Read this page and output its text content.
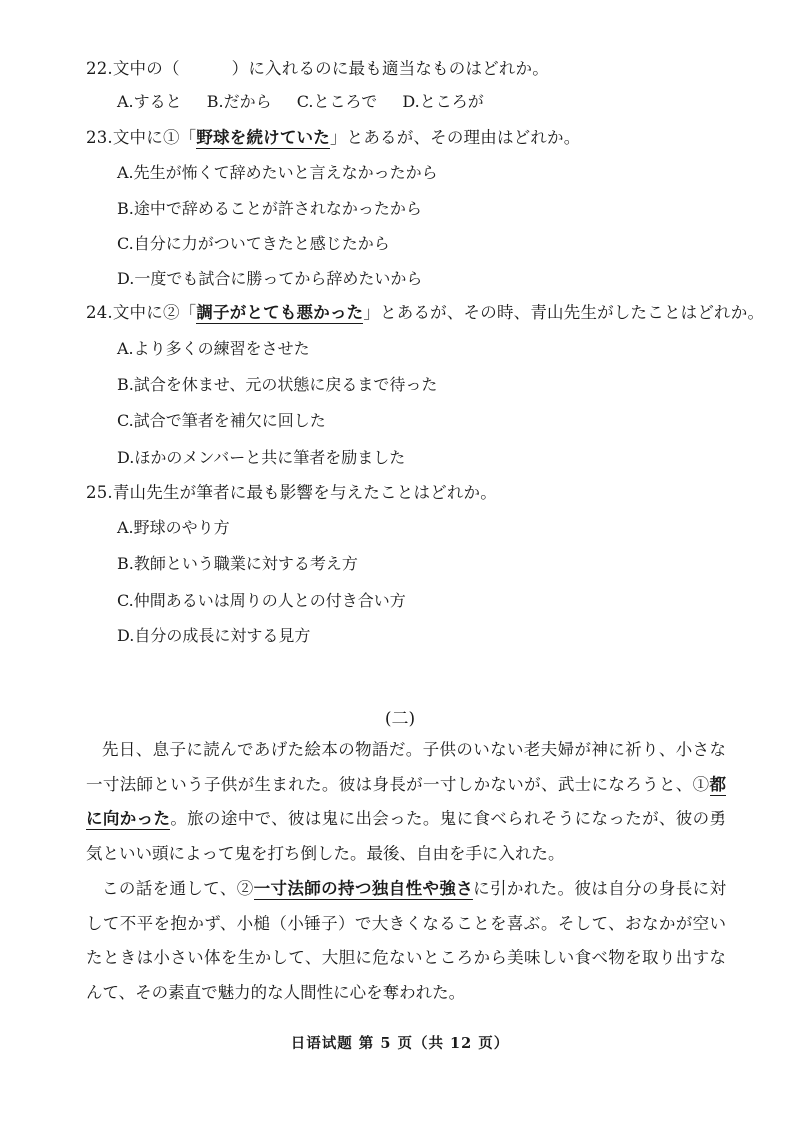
22.文中の（	）に入れるのに最も適当なものはどれか。
A.すると B.だから C.ところで D.ところが
23.文中に①「野球を続けていた」とあるが、その理由はどれか。
A.先生が怖くて辞めたいと言えなかったから
B.途中で辞めることが許されなかったから
C.自分に力がついてきたと感じたから
D.一度でも試合に勝ってから辞めたいから
24.文中に②「調子がとても悪かった」とあるが、その時、青山先生がしたことはどれか。
A.より多くの練習をさせた
B.試合を休ませ、元の状態に戻るまで待った
C.試合で筆者を補欠に回した
D.ほかのメンバーと共に筆者を励ました
25.青山先生が筆者に最も影響を与えたことはどれか。
A.野球のやり方
B.教師という職業に対する考え方
C.仲間あるいは周りの人との付き合い方
D.自分の成長に対する見方
(二)
先日、息子に読んであげた絵本の物語だ。子供のいない老夫婦が神に祈り、小さな一寸法師という子供が生まれた。彼は身長が一寸しかないが、武士になろうと、①都に向かった。旅の途中で、彼は鬼に出会った。鬼に食べられそうになったが、彼の勇気といい頭によって鬼を打ち倒した。最後、自由を手に入れた。
この話を通して、②一寸法師の持つ独自性や強さに引かれた。彼は自分の身長に対して不平を抱かず、小槌（小锤子）で大きくなることを喜ぶ。そして、おなかが空いたときは小さい体を生かして、大胆に危ないところから美味しい食べ物を取り出すなんて、その素直で魅力的な人間性に心を奪われた。
日语试题 第 5 页（共 12 页）
